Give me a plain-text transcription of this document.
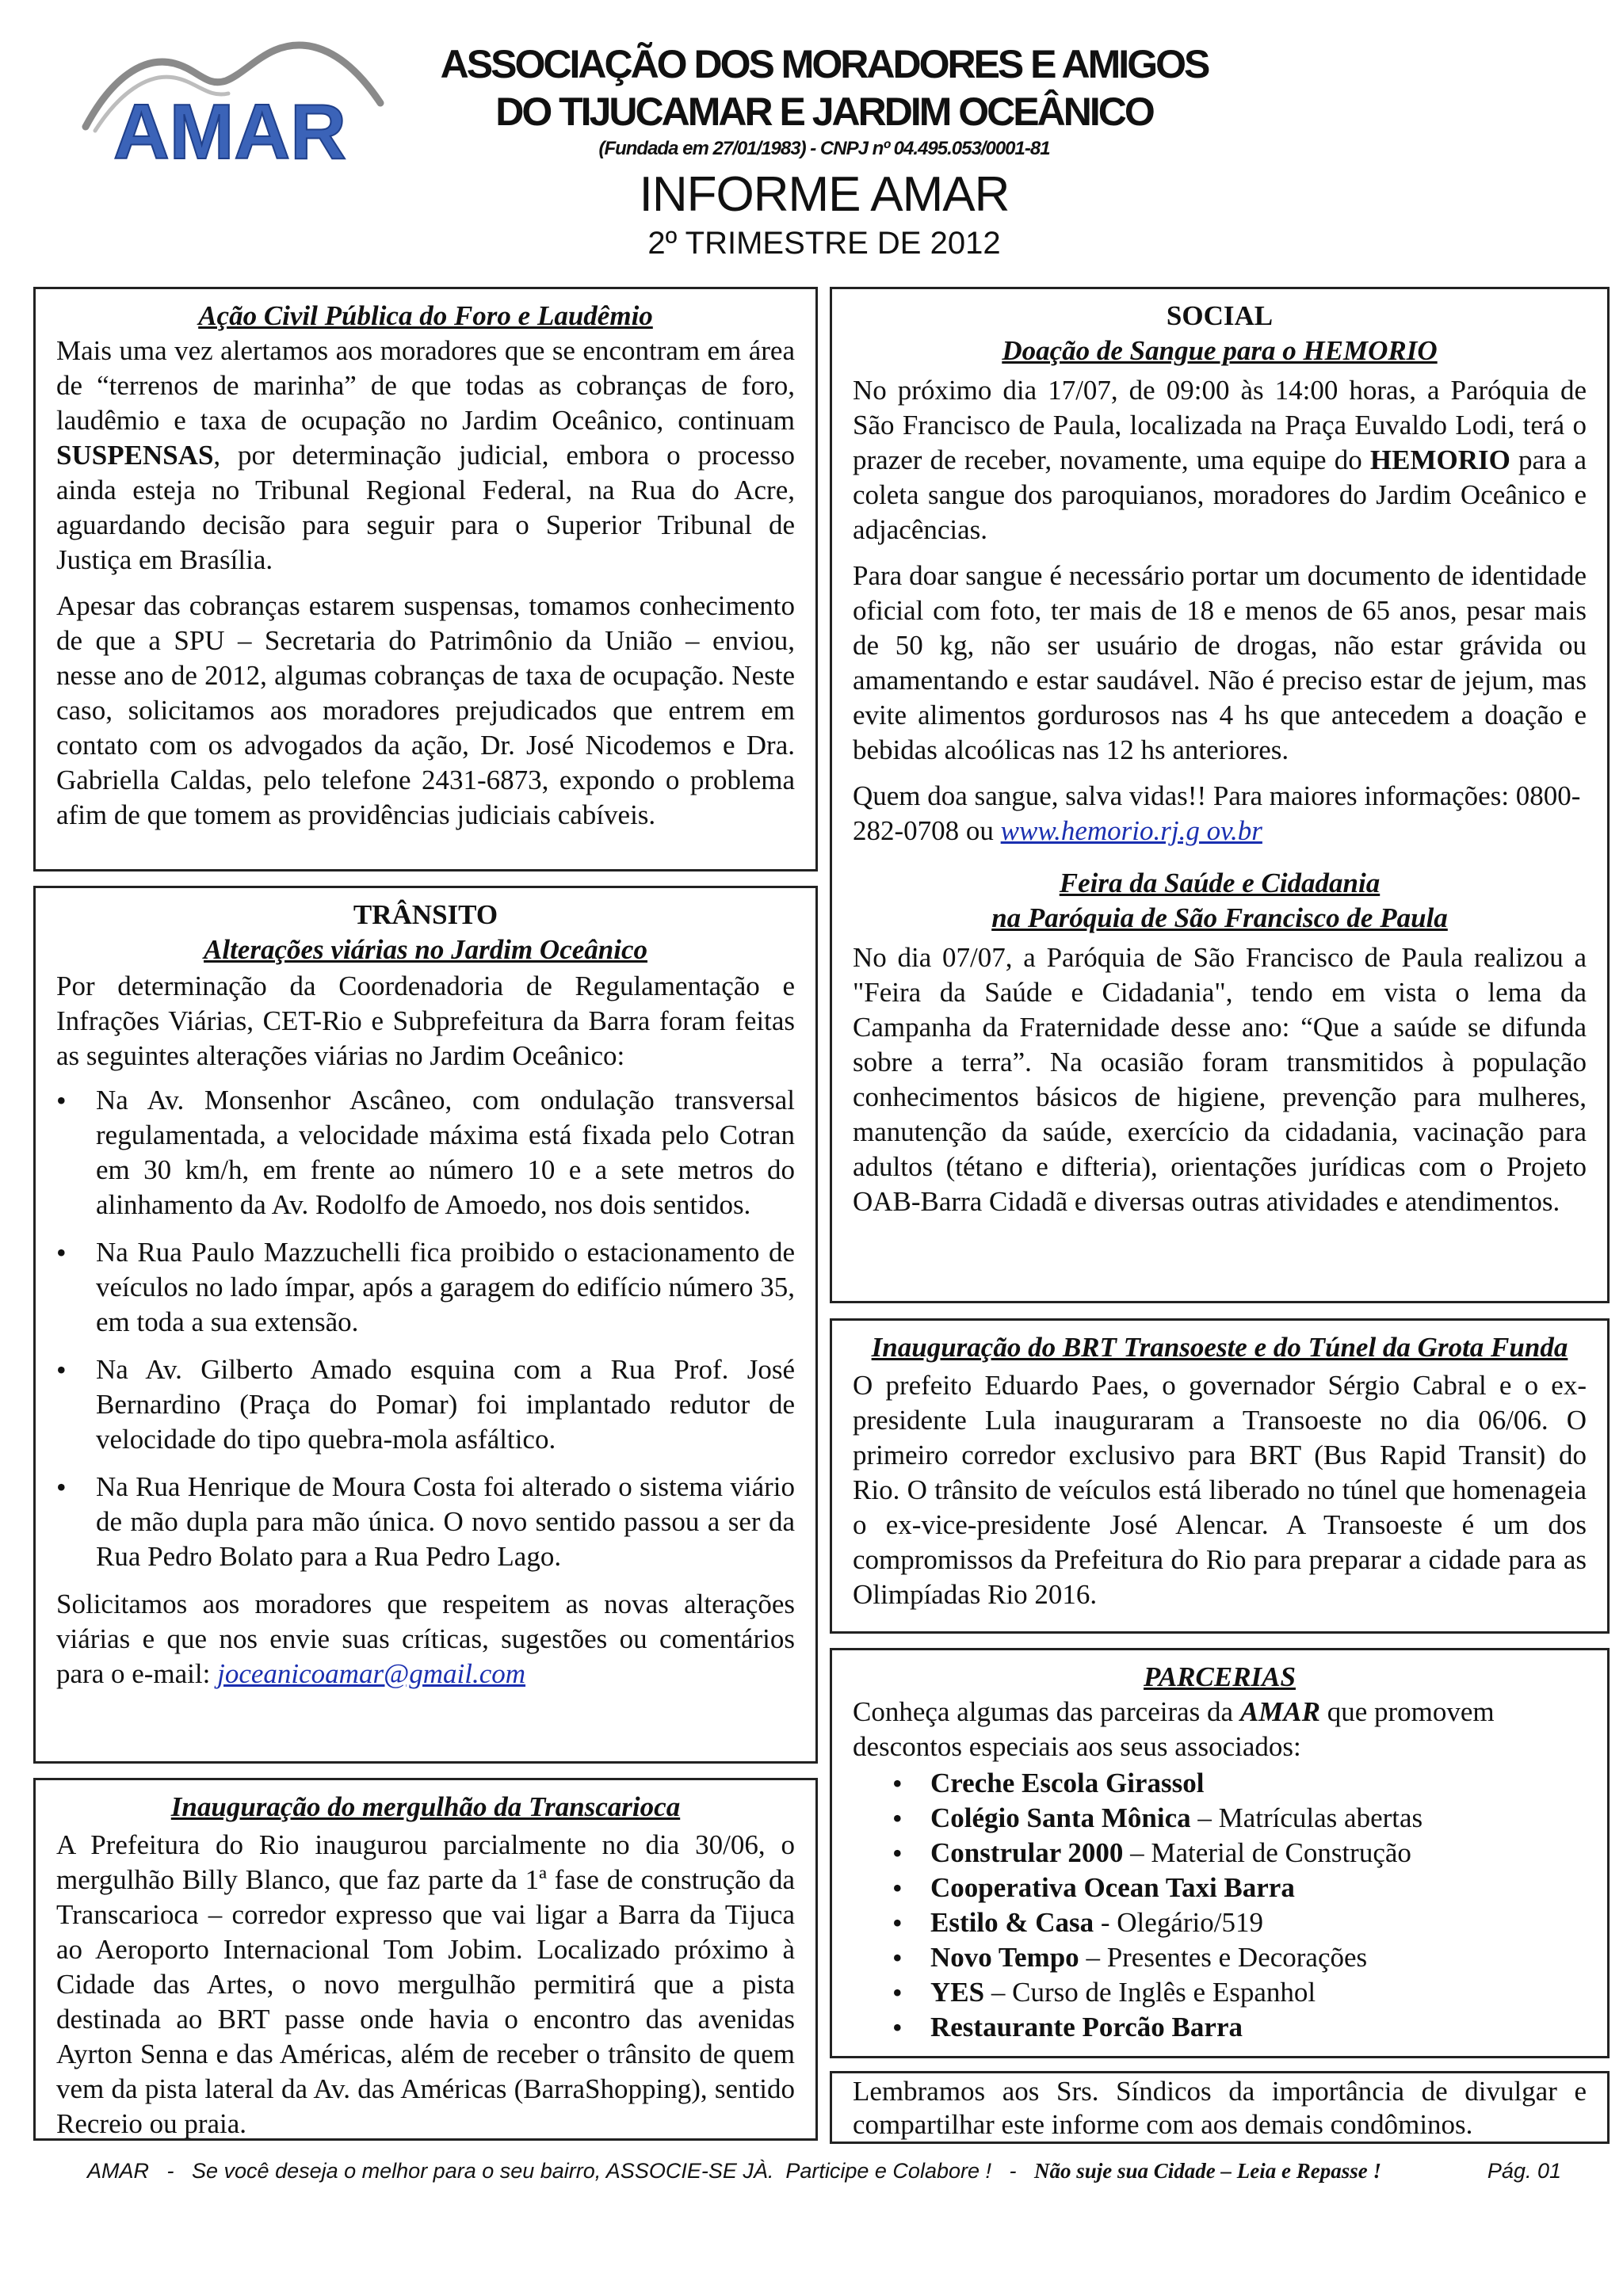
AMAR
ASSOCIAÇÃO DOS MORADORES E AMIGOS
DO TIJUCAMAR E JARDIM OCEÂNICO
(Fundada em 27/01/1983) - CNPJ nº 04.495.053/0001-81
INFORME AMAR
2º TRIMESTRE DE 2012

Ação Civil Pública do Foro e Laudêmio

Mais uma vez alertamos aos moradores que se encontram em área de “terrenos de marinha” de que todas as cobranças de foro, laudêmio e taxa de ocupação no Jardim Oceânico, continuam SUSPENSAS, por determinação judicial, embora o processo ainda esteja no Tribunal Regional Federal, na Rua do Acre, aguardando decisão para seguir para o Superior Tribunal de Justiça em Brasília.

Apesar das cobranças estarem suspensas, tomamos conhecimento de que a SPU – Secretaria do Patrimônio da União – enviou, nesse ano de 2012, algumas cobranças de taxa de ocupação. Neste caso, solicitamos aos moradores prejudicados que entrem em contato com os advogados da ação, Dr. José Nicodemos e Dra. Gabriella Caldas, pelo telefone 2431-6873, expondo o problema afim de que tomem as providências judiciais cabíveis.

TRÂNSITO

Alterações viárias no Jardim Oceânico

Por determinação da Coordenadoria de Regulamentação e Infrações Viárias, CET-Rio e Subprefeitura da Barra foram feitas as seguintes alterações viárias no Jardim Oceânico:

• Na Av. Monsenhor Ascâneo, com ondulação transversal regulamentada, a velocidade máxima está fixada pelo Cotran em 30 km/h, em frente ao número 10 e a sete metros do alinhamento da Av. Rodolfo de Amoedo, nos dois sentidos.
• Na Rua Paulo Mazzuchelli fica proibido o estacionamento de veículos no lado ímpar, após a garagem do edifício número 35, em toda a sua extensão.
• Na Av. Gilberto Amado esquina com a Rua Prof. José Bernardino (Praça do Pomar) foi implantado redutor de velocidade do tipo quebra-mola asfáltico.
• Na Rua Henrique de Moura Costa foi alterado o sistema viário de mão dupla para mão única. O novo sentido passou a ser da Rua Pedro Bolato para a Rua Pedro Lago.

Solicitamos aos moradores que respeitem as novas alterações viárias e que nos envie suas críticas, sugestões ou comentários para o e-mail: joceanicoamar@gmail.com

Inauguração do mergulhão da Transcarioca

A Prefeitura do Rio inaugurou parcialmente no dia 30/06, o mergulhão Billy Blanco, que faz parte da 1ª fase de construção da Transcarioca – corredor expresso que vai ligar a Barra da Tijuca ao Aeroporto Internacional Tom Jobim. Localizado próximo à Cidade das Artes, o novo mergulhão permitirá que a pista destinada ao BRT passe onde havia o encontro das avenidas Ayrton Senna e das Américas, além de receber o trânsito de quem vem da pista lateral da Av. das Américas (BarraShopping), sentido Recreio ou praia.

SOCIAL

Doação de Sangue para o HEMORIO

No próximo dia 17/07, de 09:00 às 14:00 horas, a Paróquia de São Francisco de Paula, localizada na Praça Euvaldo Lodi, terá o prazer de receber, novamente, uma equipe do HEMORIO para a coleta sangue dos paroquianos, moradores do Jardim Oceânico e adjacências.

Para doar sangue é necessário portar um documento de identidade oficial com foto, ter mais de 18 e menos de 65 anos, pesar mais de 50 kg, não ser usuário de drogas, não estar grávida ou amamentando e estar saudável. Não é preciso estar de jejum, mas evite alimentos gordurosos nas 4 hs que antecedem a doação e bebidas alcoólicas nas 12 hs anteriores.

Quem doa sangue, salva vidas!! Para maiores informações: 0800-282-0708 ou www.hemorio.rj.g ov.br

Feira da Saúde e Cidadania

na Paróquia de São Francisco de Paula

No dia 07/07, a Paróquia de São Francisco de Paula realizou a "Feira da Saúde e Cidadania", tendo em vista o lema da Campanha da Fraternidade desse ano: “Que a saúde se difunda sobre a terra”. Na ocasião foram transmitidos à população conhecimentos básicos de higiene, prevenção para mulheres, manutenção da saúde, exercício da cidadania, vacinação para adultos (tétano e difteria), orientações jurídicas com o Projeto OAB-Barra Cidadã e diversas outras atividades e atendimentos.

Inauguração do BRT Transoeste e do Túnel da Grota Funda

O prefeito Eduardo Paes, o governador Sérgio Cabral e o ex-presidente Lula inauguraram a Transoeste no dia 06/06. O primeiro corredor exclusivo para BRT (Bus Rapid Transit) do Rio. O trânsito de veículos está liberado no túnel que homenageia o ex-vice-presidente José Alencar. A Transoeste é um dos compromissos da Prefeitura do Rio para preparar a cidade para as Olimpíadas Rio 2016.

PARCERIAS

Conheça algumas das parceiras da AMAR que promovem descontos especiais aos seus associados:

• Creche Escola Girassol
• Colégio Santa Mônica – Matrículas abertas
• Constrular 2000 – Material de Construção
• Cooperativa Ocean Taxi Barra
• Estilo & Casa - Olegário/519
• Novo Tempo – Presentes e Decorações
• YES – Curso de Inglês e Espanhol
• Restaurante Porcão Barra

Lembramos aos Srs. Síndicos da importância de divulgar e compartilhar este informe com aos demais condôminos.

AMAR   -   Se você deseja o melhor para o seu bairro, ASSOCIE-SE JÀ.  Participe e Colabore !   -   Não suje sua Cidade – Leia e Repasse !	Pág. 01
